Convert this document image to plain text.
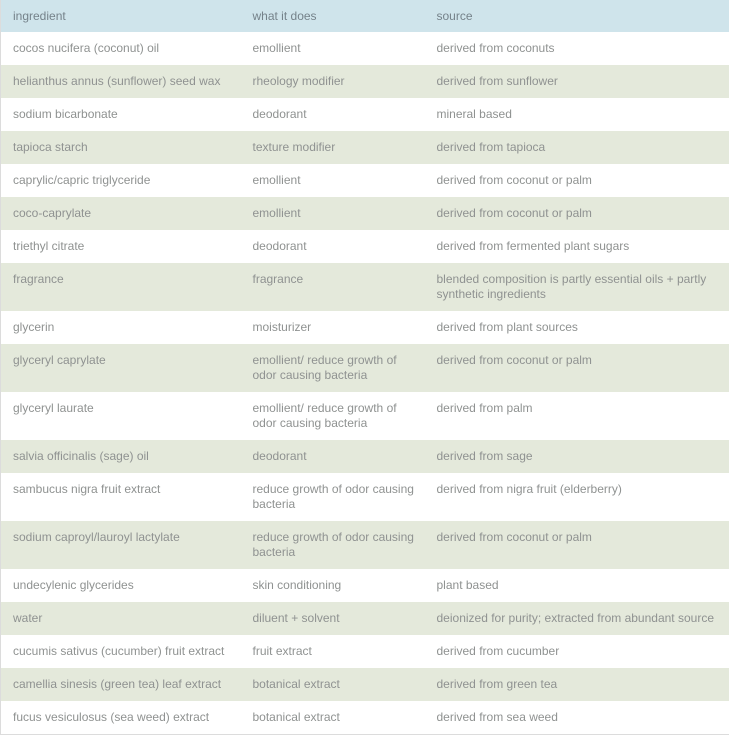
ingredient	what it does	source
cocos nucifera (coconut) oil	emollient	derived from coconuts
helianthus annus (sunflower) seed wax	rheology modifier	derived from sunflower
sodium bicarbonate	deodorant	mineral based
tapioca starch	texture modifier	derived from tapioca
caprylic/capric triglyceride	emollient	derived from coconut or palm
coco-caprylate	emollient	derived from coconut or palm
triethyl citrate	deodorant	derived from fermented plant sugars
fragrance	fragrance	blended composition is partly essential oils + partly synthetic ingredients
glycerin	moisturizer	derived from plant sources
glyceryl caprylate	emollient/ reduce growth of odor causing bacteria	derived from coconut or palm
glyceryl laurate	emollient/ reduce growth of odor causing bacteria	derived from palm
salvia officinalis (sage) oil	deodorant	derived from sage
sambucus nigra fruit extract	reduce growth of odor causing bacteria	derived from nigra fruit (elderberry)
sodium caproyl/lauroyl lactylate	reduce growth of odor causing bacteria	derived from coconut or palm
undecylenic glycerides	skin conditioning	plant based
water	diluent + solvent	deionized for purity; extracted from abundant source
cucumis sativus (cucumber) fruit extract	fruit extract	derived from cucumber
camellia sinesis (green tea) leaf extract	botanical extract	derived from green tea
fucus vesiculosus (sea weed) extract	botanical extract	derived from sea weed
